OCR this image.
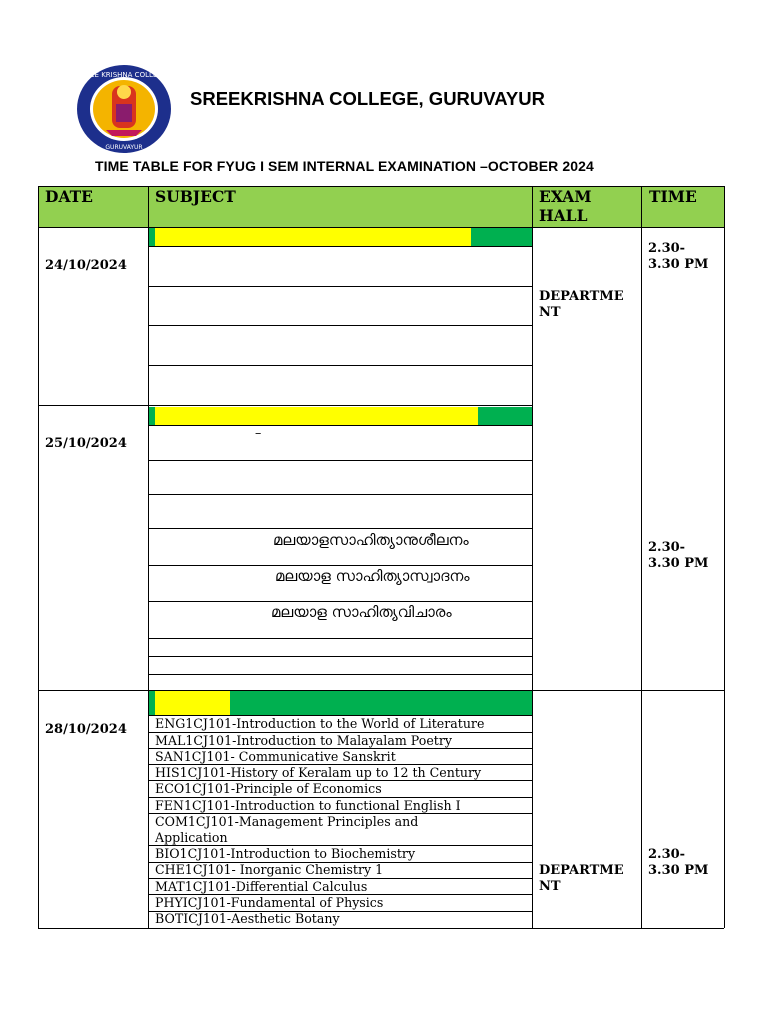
SREE KRISHNA COLLEGE
GURUVAYUR
SREEKRISHNA COLLEGE, GURUVAYUR
TIME TABLE FOR FYUG I SEM INTERNAL EXAMINATION –OCTOBER 2024
DATE	SUBJECT	EXAM HALL
TIME
24/10/2024
DEPARTME NT
2.30- 3.30 PM
25/10/2024
–
മലയാളസാഹിത്യാനുശീലനം
മലയാള സാഹിത്യാസ്വാദനം
മലയാള സാഹിത്യവിചാരം
2.30- 3.30 PM
28/10/2024 ENG1CJ101-Introduction to the World of Literature
MAL1CJ101-Introduction to Malayalam Poetry
SAN1CJ101- Communicative Sanskrit
HIS1CJ101-History of Keralam up to 12 th Century
ECO1CJ101-Principle of Economics
FEN1CJ101-Introduction to functional English I
COM1CJ101-Management Principles and Application
BIO1CJ101-Introduction to Biochemistry
CHE1CJ101- Inorganic Chemistry 1
MAT1CJ101-Differential Calculus
PHYICJ101-Fundamental of Physics
BOTICJ101-Aesthetic Botany
DEPARTME NT
2.30- 3.30 PM
